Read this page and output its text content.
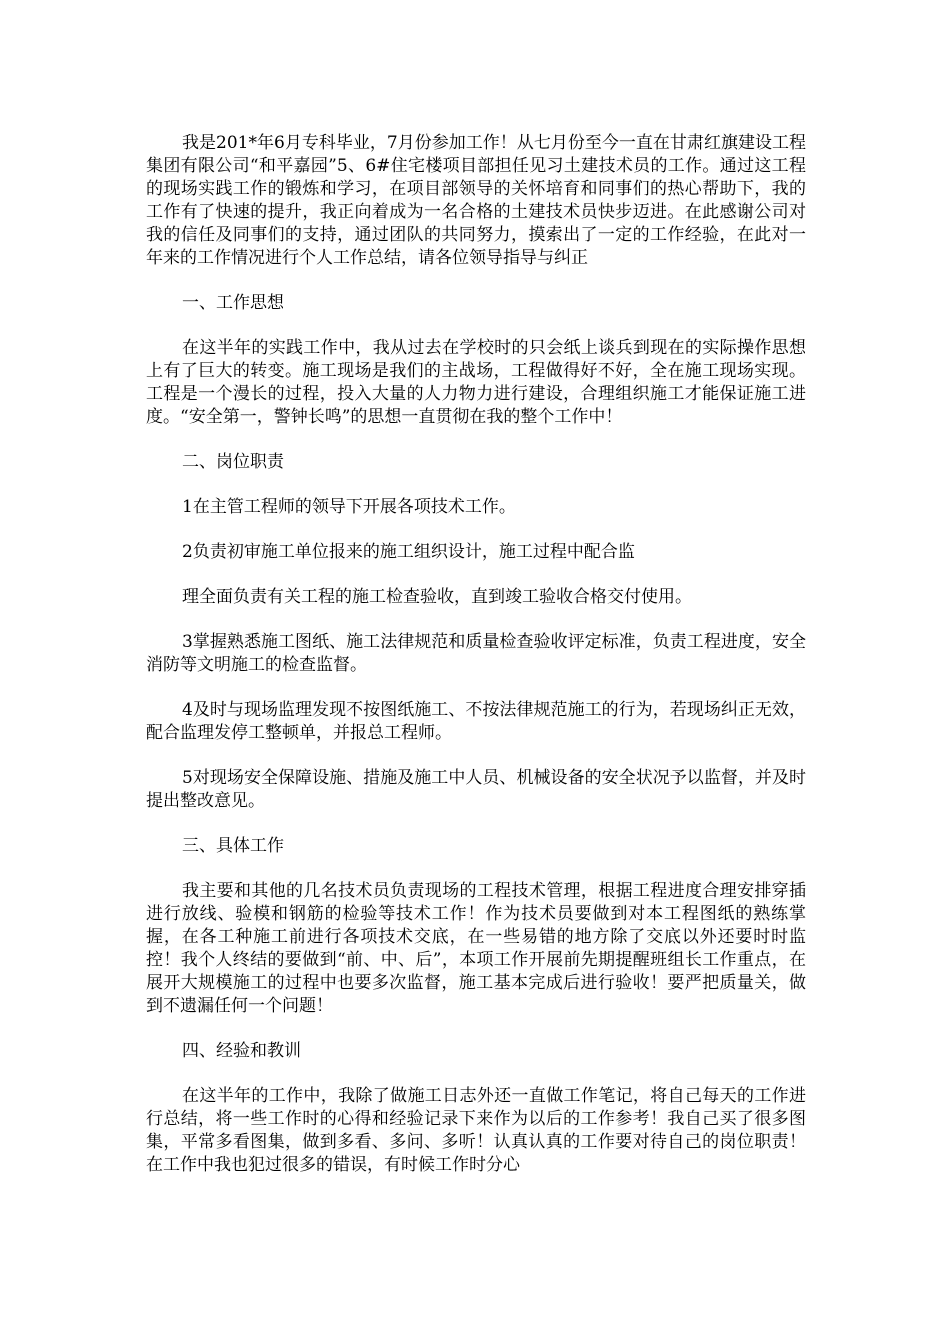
我是201*年6月专科毕业，7月份参加工作！从七月份至今一直在甘肃红旗建设工程集团有限公司“和平嘉园”5、6#住宅楼项目部担任见习土建技术员的工作。通过这工程的现场实践工作的锻炼和学习，在项目部领导的关怀培育和同事们的热心帮助下，我的工作有了快速的提升，我正向着成为一名合格的土建技术员快步迈进。在此感谢公司对我的信任及同事们的支持，通过团队的共同努力，摸索出了一定的工作经验，在此对一年来的工作情况进行个人工作总结，请各位领导指导与纠正

一、工作思想

在这半年的实践工作中，我从过去在学校时的只会纸上谈兵到现在的实际操作思想上有了巨大的转变。施工现场是我们的主战场，工程做得好不好，全在施工现场实现。工程是一个漫长的过程，投入大量的人力物力进行建设，合理组织施工才能保证施工进度。“安全第一，警钟长鸣”的思想一直贯彻在我的整个工作中！

二、岗位职责

1在主管工程师的领导下开展各项技术工作。

2负责初审施工单位报来的施工组织设计，施工过程中配合监

理全面负责有关工程的施工检查验收，直到竣工验收合格交付使用。

3掌握熟悉施工图纸、施工法律规范和质量检查验收评定标准，负责工程进度，安全消防等文明施工的检查监督。

4及时与现场监理发现不按图纸施工、不按法律规范施工的行为，若现场纠正无效，配合监理发停工整顿单，并报总工程师。

5对现场安全保障设施、措施及施工中人员、机械设备的安全状况予以监督，并及时提出整改意见。

三、具体工作

我主要和其他的几名技术员负责现场的工程技术管理，根据工程进度合理安排穿插进行放线、验模和钢筋的检验等技术工作！作为技术员要做到对本工程图纸的熟练掌握，在各工种施工前进行各项技术交底，在一些易错的地方除了交底以外还要时时监控！我个人终结的要做到“前、中、后”，本项工作开展前先期提醒班组长工作重点，在展开大规模施工的过程中也要多次监督，施工基本完成后进行验收！要严把质量关，做到不遗漏任何一个问题！

四、经验和教训

在这半年的工作中，我除了做施工日志外还一直做工作笔记，将自己每天的工作进行总结，将一些工作时的心得和经验记录下来作为以后的工作参考！我自己买了很多图集，平常多看图集，做到多看、多问、多听！认真认真的工作要对待自己的岗位职责！在工作中我也犯过很多的错误，有时候工作时分心
